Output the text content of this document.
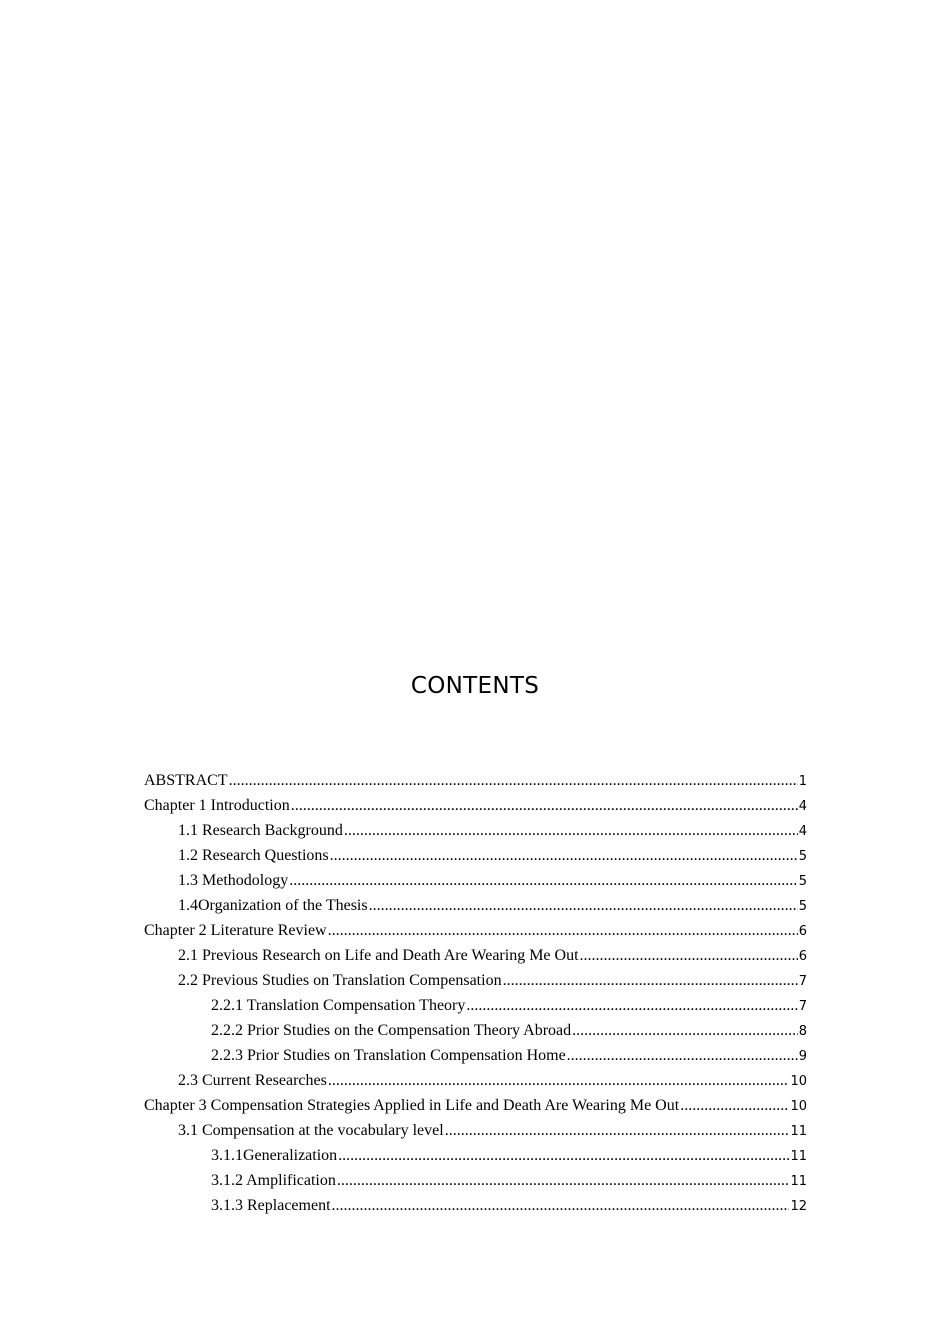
CONTENTS
ABSTRACT .....	1
Chapter 1 Introduction .....	4
1.1 Research Background .....	4
1.2 Research Questions .....	5
1.3 Methodology .....	5
1.4Organization of the Thesis .....	5
Chapter 2 Literature Review .....	6
2.1 Previous Research on Life and Death Are Wearing Me Out .....	6
2.2 Previous Studies on Translation Compensation .....	7
2.2.1 Translation Compensation Theory .....	7
2.2.2 Prior Studies on the Compensation Theory Abroad .....	8
2.2.3 Prior Studies on Translation Compensation Home .....	9
2.3 Current Researches .....	10
Chapter 3 Compensation Strategies Applied in Life and Death Are Wearing Me Out .....	10
3.1 Compensation at the vocabulary level .....	11
3.1.1Generalization .....	11
3.1.2 Amplification .....	11
3.1.3 Replacement .....	12
